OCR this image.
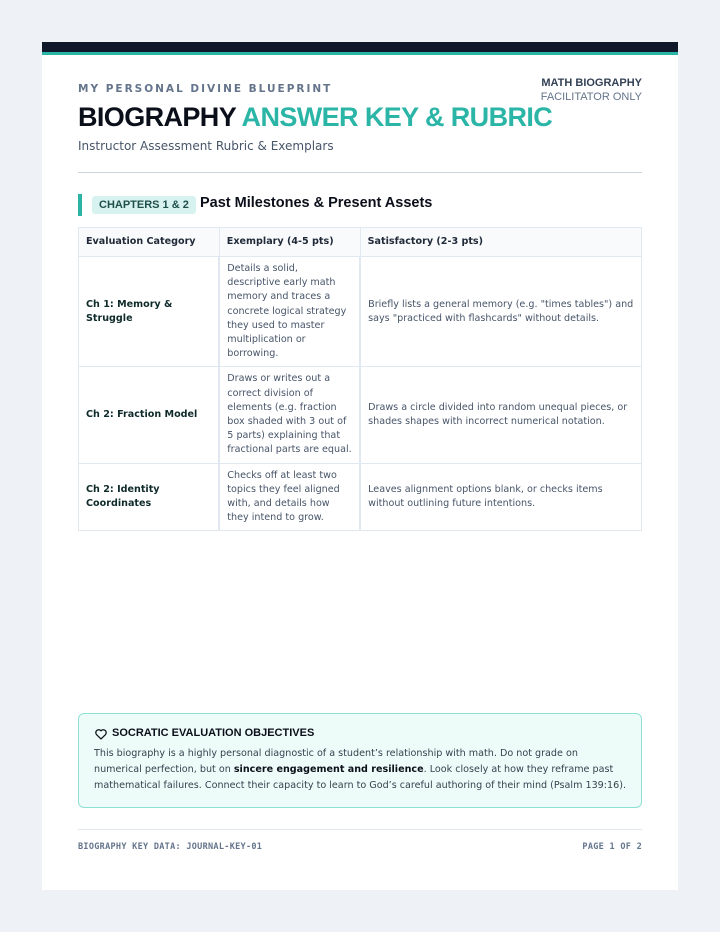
MY PERSONAL DIVINE BLUEPRINT	MATH BIOGRAPHY
FACILITATOR ONLY
BIOGRAPHY ANSWER KEY & RUBRIC
Instructor Assessment Rubric & Exemplars
CHAPTERS 1 & 2 Past Milestones & Present Assets
Evaluation Category	Exemplary (4-5 pts)	Satisfactory (2-3 pts)
Ch 1: Memory & Struggle	Details a solid, descriptive early math memory and traces a concrete logical strategy they used to master multiplication or borrowing.	Briefly lists a general memory (e.g. "times tables") and says "practiced with flashcards" without details.
Ch 2: Fraction Model	Draws or writes out a correct division of elements (e.g. fraction box shaded with 3 out of 5 parts) explaining that fractional parts are equal.	Draws a circle divided into random unequal pieces, or shades shapes with incorrect numerical notation.
Ch 2: Identity Coordinates	Checks off at least two topics they feel aligned with, and details how they intend to grow.	Leaves alignment options blank, or checks items without outlining future intentions.
SOCRATIC EVALUATION OBJECTIVES
This biography is a highly personal diagnostic of a student’s relationship with math. Do not grade on numerical perfection, but on sincere engagement and resilience. Look closely at how they reframe past mathematical failures. Connect their capacity to learn to God’s careful authoring of their mind (Psalm 139:16).
BIOGRAPHY KEY DATA: JOURNAL-KEY-01	PAGE 1 OF 2
